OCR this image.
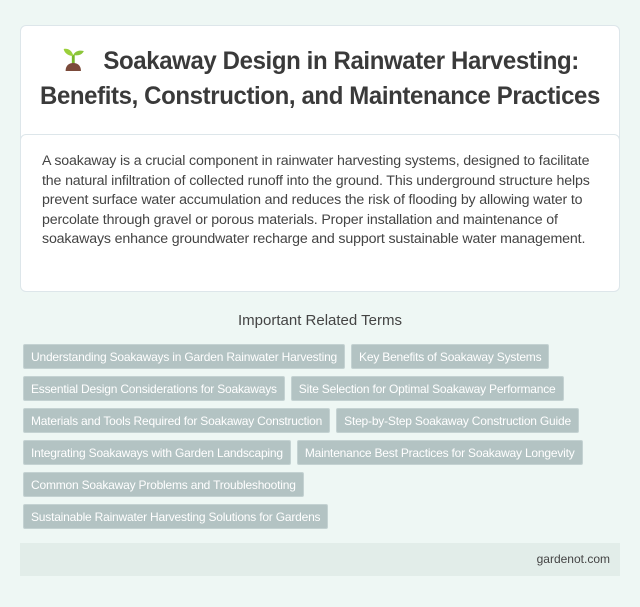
Soakaway Design in Rainwater Harvesting: Benefits, Construction, and Maintenance Practices

A soakaway is a crucial component in rainwater harvesting systems, designed to facilitate the natural infiltration of collected runoff into the ground. This underground structure helps prevent surface water accumulation and reduces the risk of flooding by allowing water to percolate through gravel or porous materials. Proper installation and maintenance of soakaways enhance groundwater recharge and support sustainable water management.

Important Related Terms
Understanding Soakaways in Garden Rainwater Harvesting	Key Benefits of Soakaway Systems
Essential Design Considerations for Soakaways	Site Selection for Optimal Soakaway Performance
Materials and Tools Required for Soakaway Construction	Step-by-Step Soakaway Construction Guide
Integrating Soakaways with Garden Landscaping	Maintenance Best Practices for Soakaway Longevity
Common Soakaway Problems and Troubleshooting
Sustainable Rainwater Harvesting Solutions for Gardens
gardenot.com
